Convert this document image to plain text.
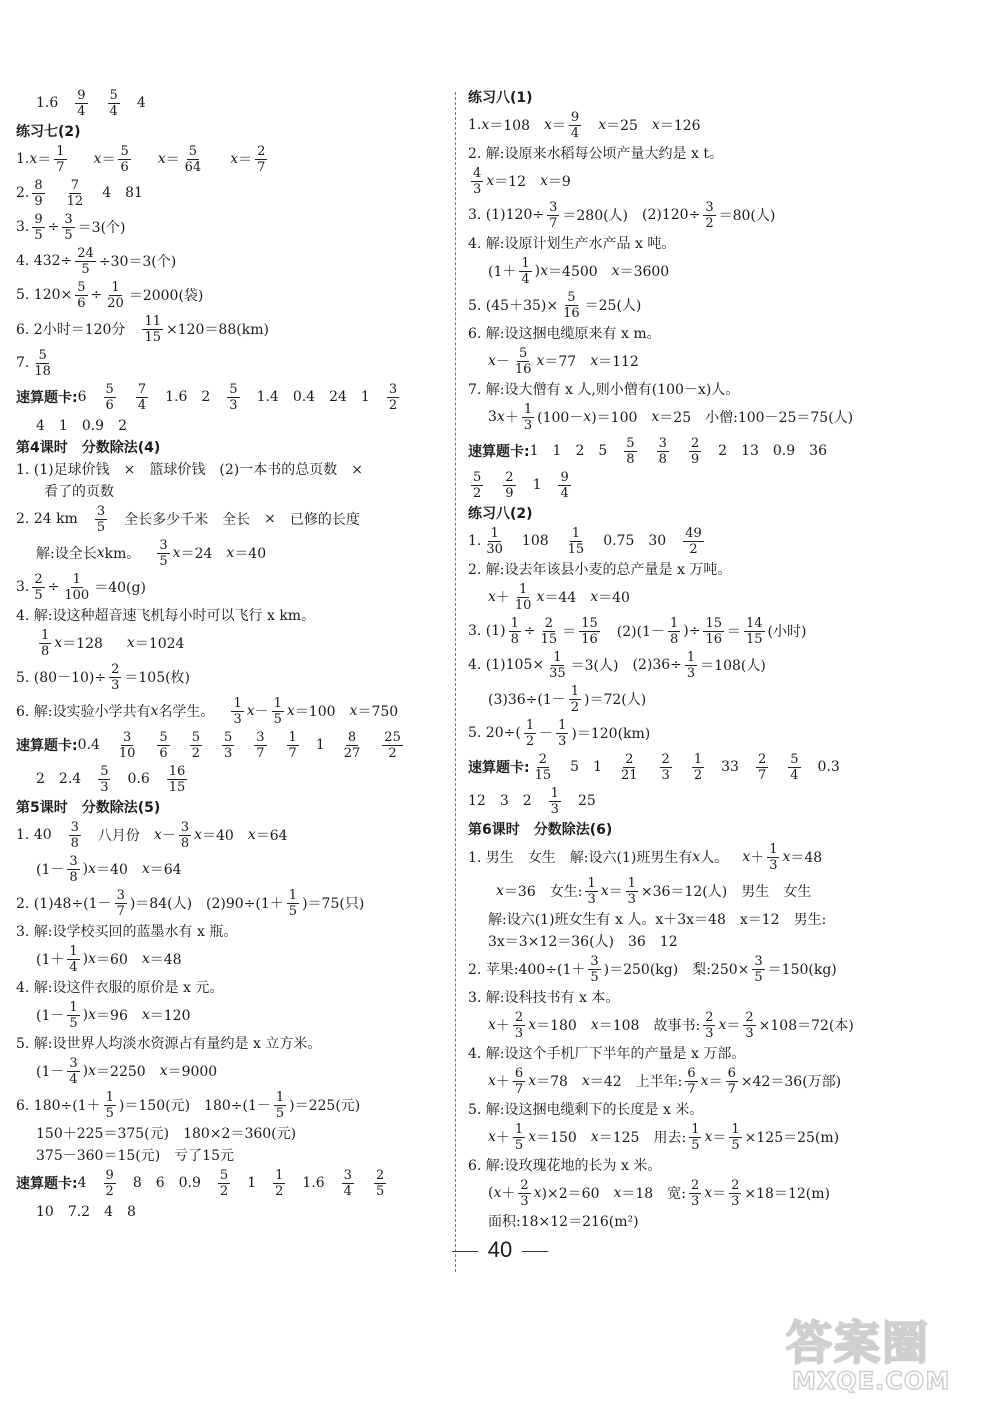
1.6 9
4
5
4 4
练习七(2)
1. x ＝
1
7 x ＝
5
6 x ＝
5
64 x ＝
2
7
2. 8
9
7
12 4 81
3. 9
5 ÷ 3
5 ＝3(个)
4. 432÷ 24
5 ÷30＝3(个)
5. 120× 5
6 ÷ 1
20 ＝2000(袋)
6. 2小时＝120分
11
15 ×120＝88(km)
7. 5
18
速算题卡: 6 5
6
7
4 1.6 2 5
3 1.4 0.4 24 1 3
2
4　1　0.9　2
第4课时　分数除法(4)
1. (1)足球价钱　×　篮球价钱　(2)一本书的总页数　×
看了的页数
2. 24 km 3
5 全长多少千米 全长 × 已修的长度
解:设全长 x km。
3
5 x ＝24 x ＝40
3. 2
5 ÷ 1
100 ＝40(g)
4. 解:设这种超音速飞机每小时可以飞行 x km。
1
8 x ＝128 x ＝1024
5. (80－10)÷
2
3 ＝105(枚)
6. 解:设实验小学共有 x 名学生。
1
3 x －
1
5 x ＝100 x ＝750
速算题卡: 0.4 3
10
5
6
5
2
5
3
3
7
1
7 1 8
27
25
2
2 2.4 5
3 0.6 16
15
第5课时　分数除法(5)
1. 40 3
8 八月份 x －
3
8 x ＝40 x ＝64
(1－
3
8 ) x ＝40 x ＝64
2. (1)48÷(1－
3
7 )＝84(人) (2)90÷(1＋
1
5 )＝75(只)
3. 解:设学校买回的蓝墨水有 x 瓶。
(1＋
1
4 ) x ＝60 x ＝48
4. 解:设这件衣服的原价是 x 元。
(1－
1
5 ) x ＝96 x ＝120
5. 解:设世界人均淡水资源占有量约是 x 立方米。
(1－
3
4 ) x ＝2250 x ＝9000
6. 180÷(1＋
1
5 )＝150(元) 180÷(1－
1
5 )＝225(元)
150＋225＝375(元)　180×2＝360(元)
375－360＝15(元)　亏了15元
速算题卡: 4 9
2 8 6 0.9 5
2 1 1
2 1.6 3
4
2
5
10　7.2　4　8
练习八(1)
1. x ＝108 x ＝
9
4 x ＝25 x ＝126
2. 解:设原来水稻每公顷产量大约是 x t。
4
3 x ＝12 x ＝9
3. (1)120÷ 3
7 ＝280(人) (2)120÷ 3
2 ＝80(人)
4. 解:设原计划生产水产品 x 吨。
(1＋
1
4 ) x ＝4500 x ＝3600
5. (45＋35)×
5
16 ＝25(人)
6. 解:设这捆电缆原来有 x m。
x －
5
16 x ＝77 x ＝112
7. 解:设大僧有 x 人,则小僧有(100－x)人。
3 x ＋
1
3 (100－ x )＝100 x ＝25 小僧:100－25＝75(人)
速算题卡: 1 1 2 5 5
8
3
8
2
9 2 13 0.9 36
5
2
2
9 1 9
4
练习八(2)
1. 1
30 108 1
15 0.75 30 49
2
2. 解:设去年该县小麦的总产量是 x 万吨。
x ＋
1
10 x ＝44 x ＝40
3. (1) 1
8 ÷ 2
15 ＝
15
16 (2)(1－
1
8 )÷ 15
16 ＝
14
15 (小时)
4. (1)105× 1
35 ＝3(人) (2)36÷ 1
3 ＝108(人)
(3)36÷(1－
1
2 )＝72(人)
5. 20÷( 1
2 －
1
3 )＝120(km)
速算题卡:
2
15 5 1 2
21
2
3
1
2 33 2
7
5
4 0.3
12 3 2 1
3 25
第6课时　分数除法(6)
1. 男生 女生 解:设六(1)班男生有 x 人。 x ＋
1
3 x ＝48
x ＝36 女生:
1
3 x ＝
1
3 ×36＝12(人) 男生 女生
解:设六(1)班女生有 x 人。x＋3x＝48　x＝12　男生:
3x＝3×12＝36(人)　36　12
2. 苹果:400÷(1＋
3
5 )＝250(kg) 梨:250×
3
5 ＝150(kg)
3. 解:设科技书有 x 本。
x ＋
2
3 x ＝180 x ＝108 故事书:
2
3 x ＝
2
3 ×108＝72(本)
4. 解:设这个手机厂下半年的产量是 x 万部。
x ＋
6
7 x ＝78 x ＝42 上半年:
6
7 x ＝
6
7 ×42＝36(万部)
5. 解:设这捆电缆剩下的长度是 x 米。
x ＋
1
5 x ＝150 x ＝125 用去:
1
5 x ＝
1
5 ×125＝25(m)
6. 解:设玫瑰花地的长为 x 米。
( x ＋
2
3 x )×2＝60 x ＝18 宽:
2
3 x ＝
2
3 ×18＝12(m)
面积:18×12＝216(m²)
40
答案圈
MXQE.COM
